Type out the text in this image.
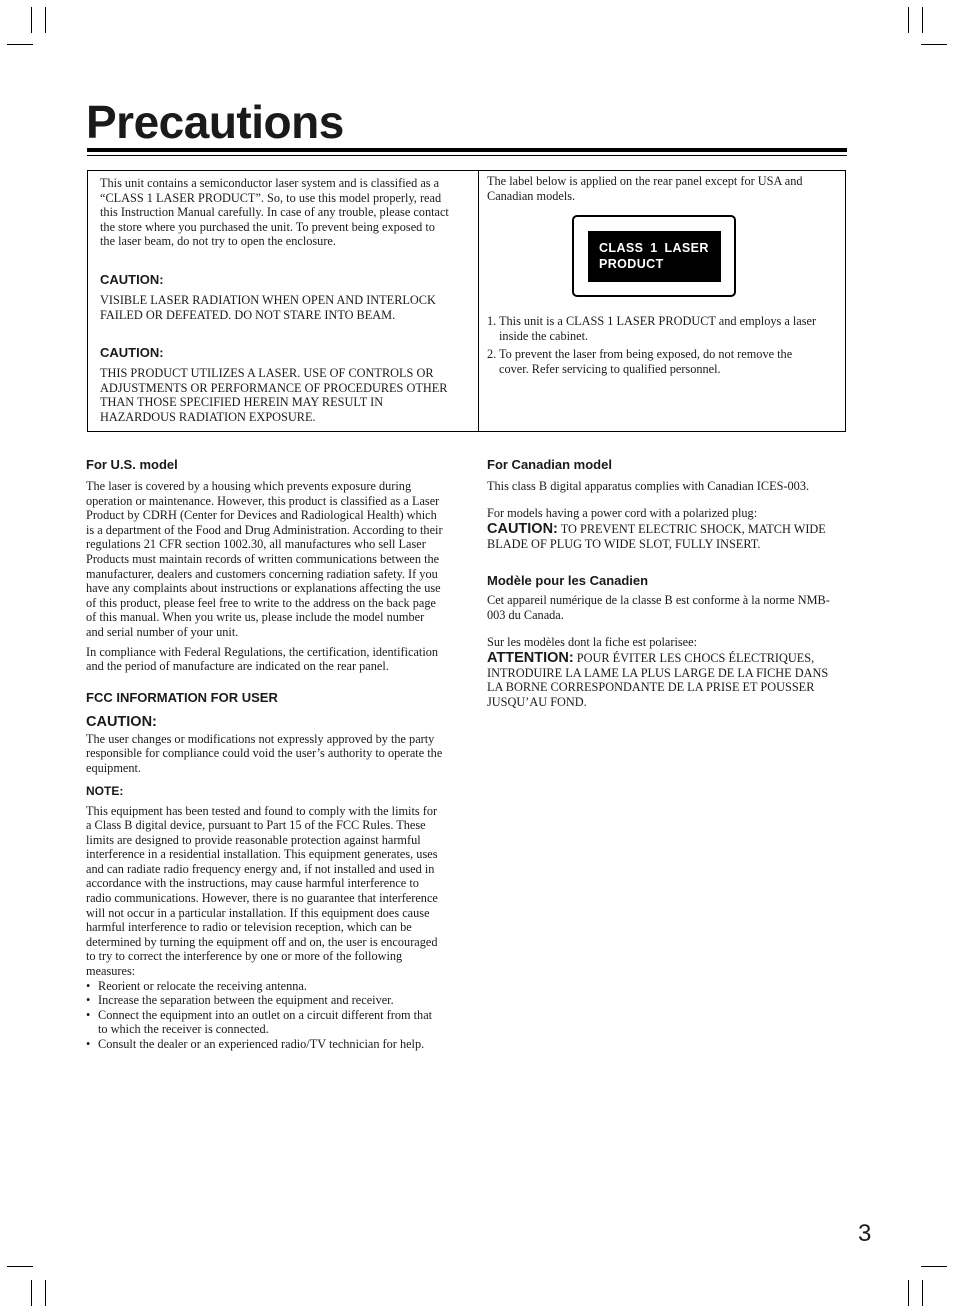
Precautions

This unit contains a semiconductor laser system and is classified as a “CLASS 1 LASER PRODUCT”. So, to use this model properly, read this Instruction Manual carefully. In case of any trouble, please contact the store where you purchased the unit. To prevent being exposed to the laser beam, do not try to open the enclosure.

CAUTION:

VISIBLE LASER RADIATION WHEN OPEN AND INTERLOCK FAILED OR DEFEATED. DO NOT STARE INTO BEAM.

CAUTION:

THIS PRODUCT UTILIZES A LASER. USE OF CONTROLS OR ADJUSTMENTS OR PERFORMANCE OF PROCEDURES OTHER THAN THOSE SPECIFIED HEREIN MAY RESULT IN HAZARDOUS RADIATION EXPOSURE.

The label below is applied on the rear panel except for USA and Canadian models.

CLASS 1 LASER
PRODUCT
1. This unit is a CLASS 1 LASER PRODUCT and employs a laser inside the cabinet.
2. To prevent the laser from being exposed, do not remove the cover. Refer servicing to qualified personnel.

For U.S. model

The laser is covered by a housing which prevents exposure during operation or maintenance. However, this product is classified as a Laser Product by CDRH (Center for Devices and Radiological Health) which is a department of the Food and Drug Administration. According to their regulations 21 CFR section 1002.30, all manufactures who sell Laser Products must maintain records of written communications between the manufacturer, dealers and customers concerning radiation safety. If you have any complaints about instructions or explanations affecting the use of this product, please feel free to write to the address on the back page of this manual. When you write us, please include the model number and serial number of your unit.

In compliance with Federal Regulations, the certification, identification and the period of manufacture are indicated on the rear panel.

FCC INFORMATION FOR USER

CAUTION:

The user changes or modifications not expressly approved by the party responsible for compliance could void the user’s authority to operate the equipment.

NOTE:

This equipment has been tested and found to comply with the limits for a Class B digital device, pursuant to Part 15 of the FCC Rules. These limits are designed to provide reasonable protection against harmful interference in a residential installation. This equipment generates, uses and can radiate radio frequency energy and, if not installed and used in accordance with the instructions, may cause harmful interference to radio communications. However, there is no guarantee that interference will not occur in a particular installation. If this equipment does cause harmful interference to radio or television reception, which can be determined by turning the equipment off and on, the user is encouraged to try to correct the interference by one or more of the following measures:

• Reorient or relocate the receiving antenna.
• Increase the separation between the equipment and receiver.
• Connect the equipment into an outlet on a circuit different from that to which the receiver is connected.
• Consult the dealer or an experienced radio/TV technician for help.

For Canadian model

This class B digital apparatus complies with Canadian ICES-003.

For models having a power cord with a polarized plug:

CAUTION: TO PREVENT ELECTRIC SHOCK, MATCH WIDE BLADE OF PLUG TO WIDE SLOT, FULLY INSERT.

Modèle pour les Canadien

Cet appareil numérique de la classe B est conforme à la norme NMB-003 du Canada.

Sur les modèles dont la fiche est polarisee:

ATTENTION: POUR ÉVITER LES CHOCS ÉLECTRIQUES, INTRODUIRE LA LAME LA PLUS LARGE DE LA FICHE DANS LA BORNE CORRESPONDANTE DE LA PRISE ET POUSSER JUSQU’AU FOND.

3
